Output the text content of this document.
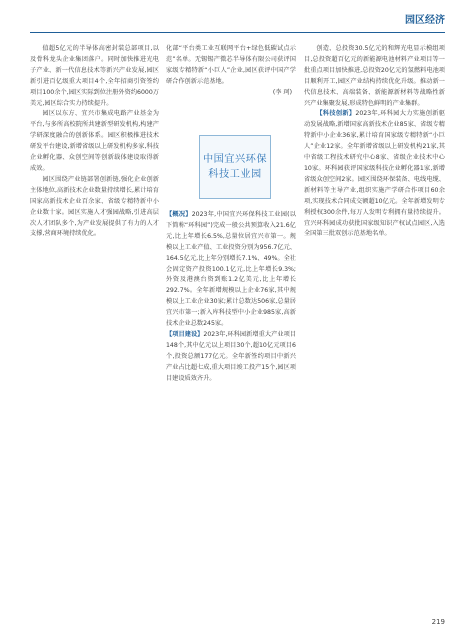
园区经济

值超5亿元的半导体高密封装总部项目,以及骨科龙头企业集团落户。同时加快推进光电子产业、新一代信息技术等新兴产业发展,园区新引进百亿级重大项目4个,全年招商引资签约项目100余个,园区实际到位注册外资约6000万美元,园区综合实力持续提升。

园区以东方、宜兴市集成电路产业基金为平台,与多所高校院所共建新型研发机构,构建产学研深度融合的创新体系。园区积极推进技术研发平台建设,新增省级以上研发机构多家,科技企业孵化器、众创空间等创新载体建设取得新成效。

园区围绕产业链部署创新链,强化企业创新主体地位,高新技术企业数量持续增长,累计培育国家高新技术企业百余家、省级专精特新中小企业数十家。园区实施人才强园战略,引进高层次人才团队多个,为产业发展提供了有力的人才支撑,营商环境持续优化。

化部“平台类工业互联网平台+绿色低碳试点示范”名单。无锡锡产微芯半导体有限公司获评国家级专精特新“小巨人”企业,园区获评中国产学研合作创新示范基地。

(李 珂)
中国宜兴环保
科技工业园

【概况】2023年,中国宜兴环保科技工业园(以下简称“环科园”)完成一般公共预算收入21.6亿元,比上年增长6.5%,总量位居宜兴市第一。规模以上工业产值、工业投资分别为956.7亿元、164.5亿元,比上年分别增长7.1%、49%。全社会固定资产投资100.1亿元,比上年增长9.3%;外资及港澳台资到账1.2亿美元,比上年增长292.7%。全年新增规模以上企业76家,其中规模以上工业企业30家;累计总数达506家,总量居宜兴市第一;新入库科技型中小企业985家,高新技术企业总数245家。

【项目建设】2023年,环科园新增重大产业项目148个,其中亿元以上项目30个,超10亿元项目6个,投资总额177亿元。全年新签约项目中新兴产业占比超七成,重大项目竣工投产15个,园区项目建设质效齐升。

创造、总投资30.5亿元的和辉光电显示模组项目,总投资超百亿元的新能源电池材料产业项目等一批重点项目加快推进,总投资20亿元的氢燃料电池项目顺利开工,园区产业结构持续优化升级。推动新一代信息技术、高端装备、新能源新材料等战略性新兴产业集聚发展,形成特色鲜明的产业集群。

【科技创新】2023年,环科园大力实施创新驱动发展战略,新增国家高新技术企业85家、省级专精特新中小企业36家,累计培育国家级专精特新“小巨人”企业12家。全年新增省级以上研发机构21家,其中省级工程技术研究中心8家、省级企业技术中心10家。环科园获评国家级科技企业孵化器1家,新增省级众创空间2家。园区围绕环保装备、电线电缆、新材料等主导产业,组织实施产学研合作项目60余项,实现技术合同成交额超10亿元。全年新增发明专利授权300余件,每万人发明专利拥有量持续提升。宜兴环科园成功获批国家级知识产权试点园区,入选全国第三批双创示范基地名单。

219
